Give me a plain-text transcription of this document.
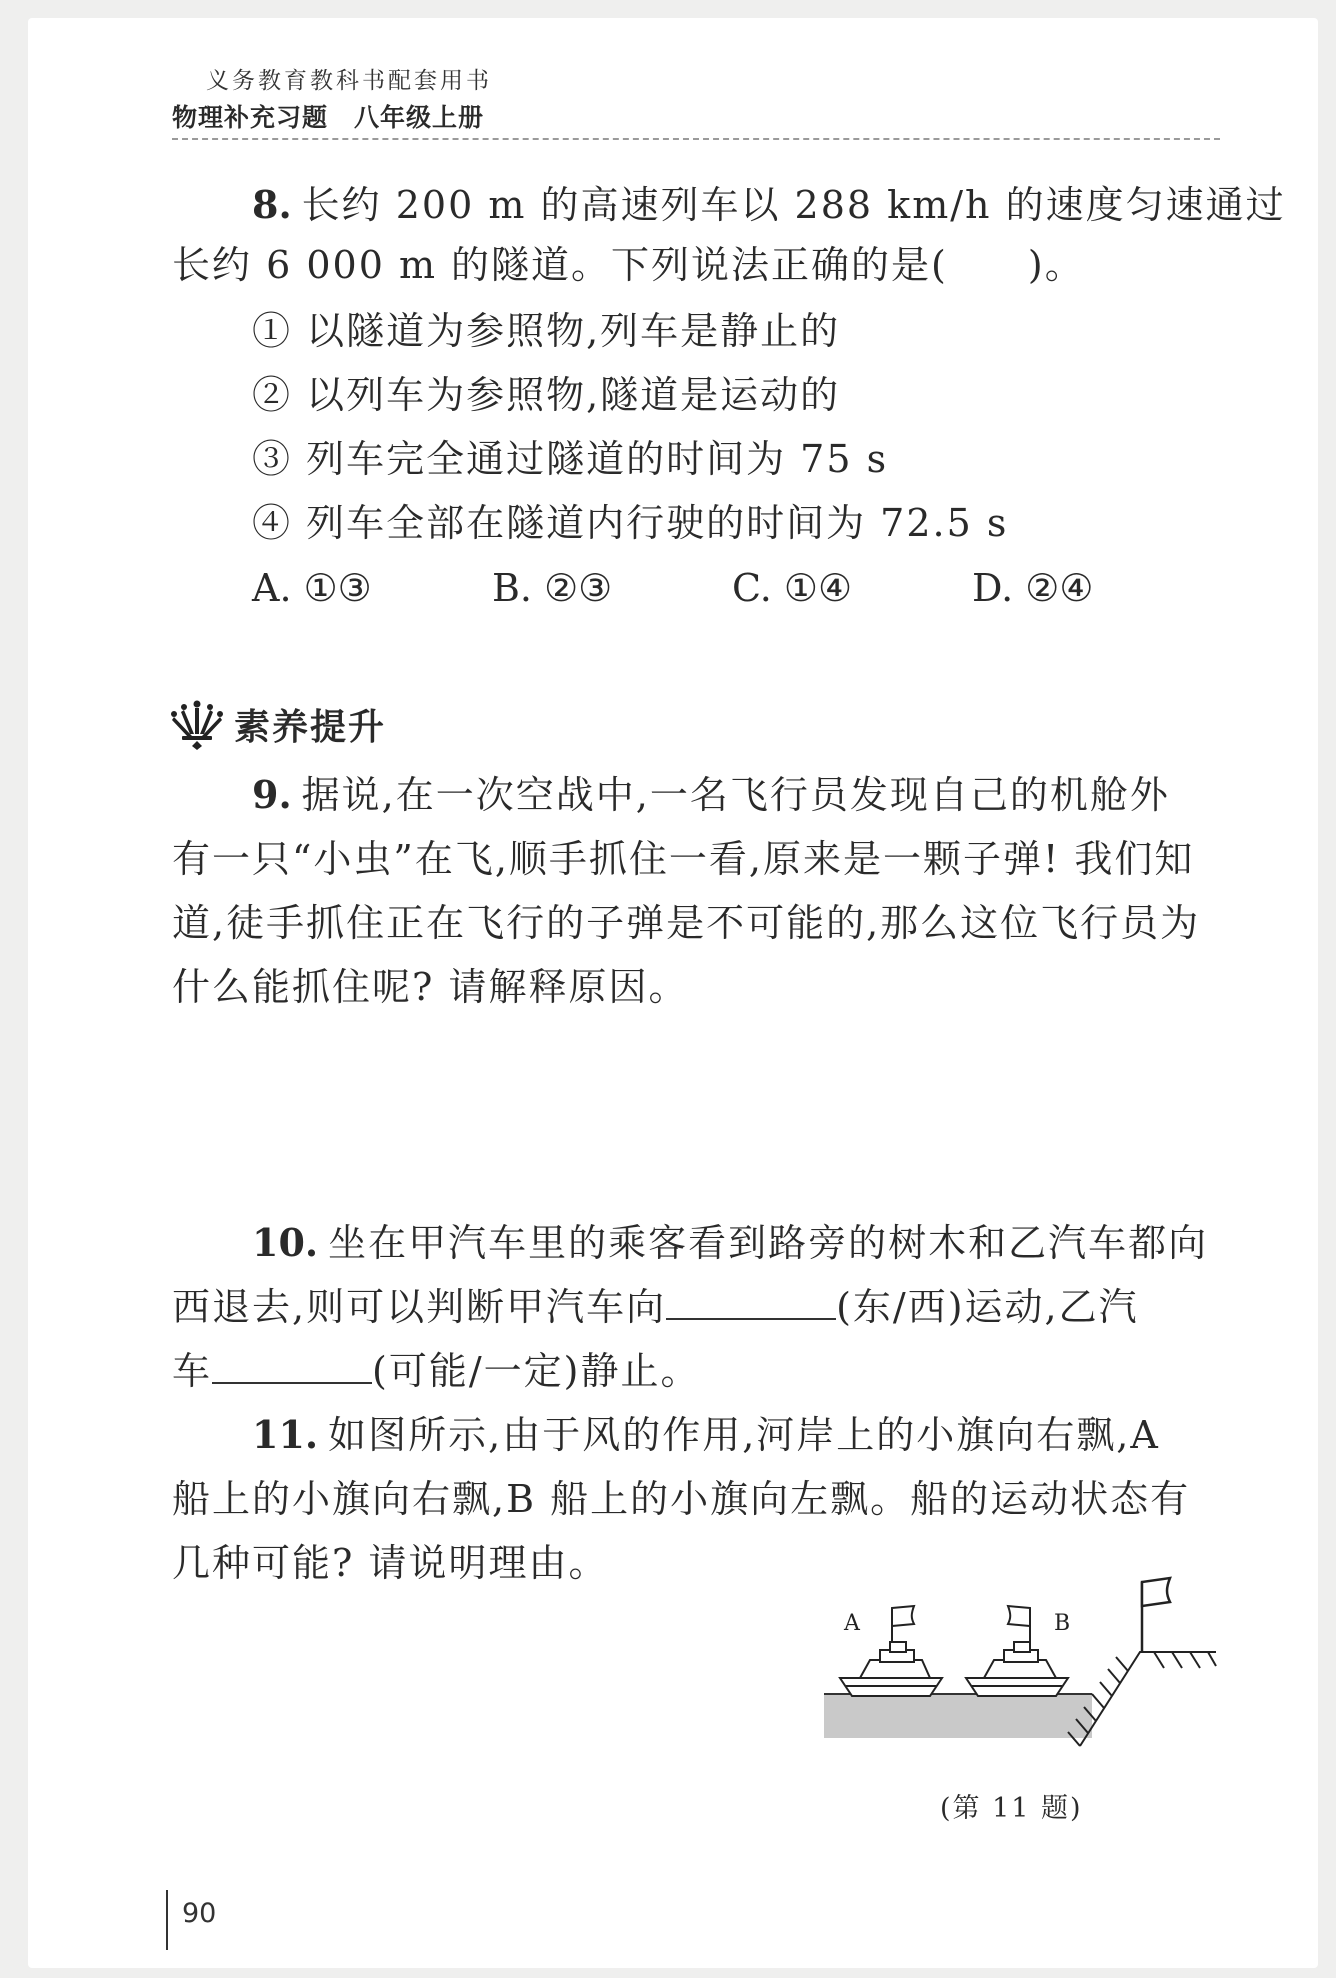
义务教育教科书配套用书
物理补充习题 八年级上册
8. 长约 200 m 的高速列车以 288 km/h 的速度匀速通过
长约 6 000 m 的隧道。下列说法正确的是(　　)。
① 以隧道为参照物,列车是静止的
② 以列车为参照物,隧道是运动的
③ 列车完全通过隧道的时间为 75 s
④ 列车全部在隧道内行驶的时间为 72.5 s
A. ①③	B. ②③	C. ①④	D. ②④
素养提升
9. 据说,在一次空战中,一名飞行员发现自己的机舱外
有一只“小虫”在飞,顺手抓住一看,原来是一颗子弹! 我们知
道,徒手抓住正在飞行的子弹是不可能的,那么这位飞行员为
什么能抓住呢? 请解释原因。
10. 坐在甲汽车里的乘客看到路旁的树木和乙汽车都向
西退去,则可以判断甲汽车向	(东/西)运动,乙汽
车	(可能/一定)静止。
11. 如图所示,由于风的作用,河岸上的小旗向右飘,A
船上的小旗向右飘,B 船上的小旗向左飘。船的运动状态有
几种可能? 请说明理由。
A	B
(第 11 题)
90
